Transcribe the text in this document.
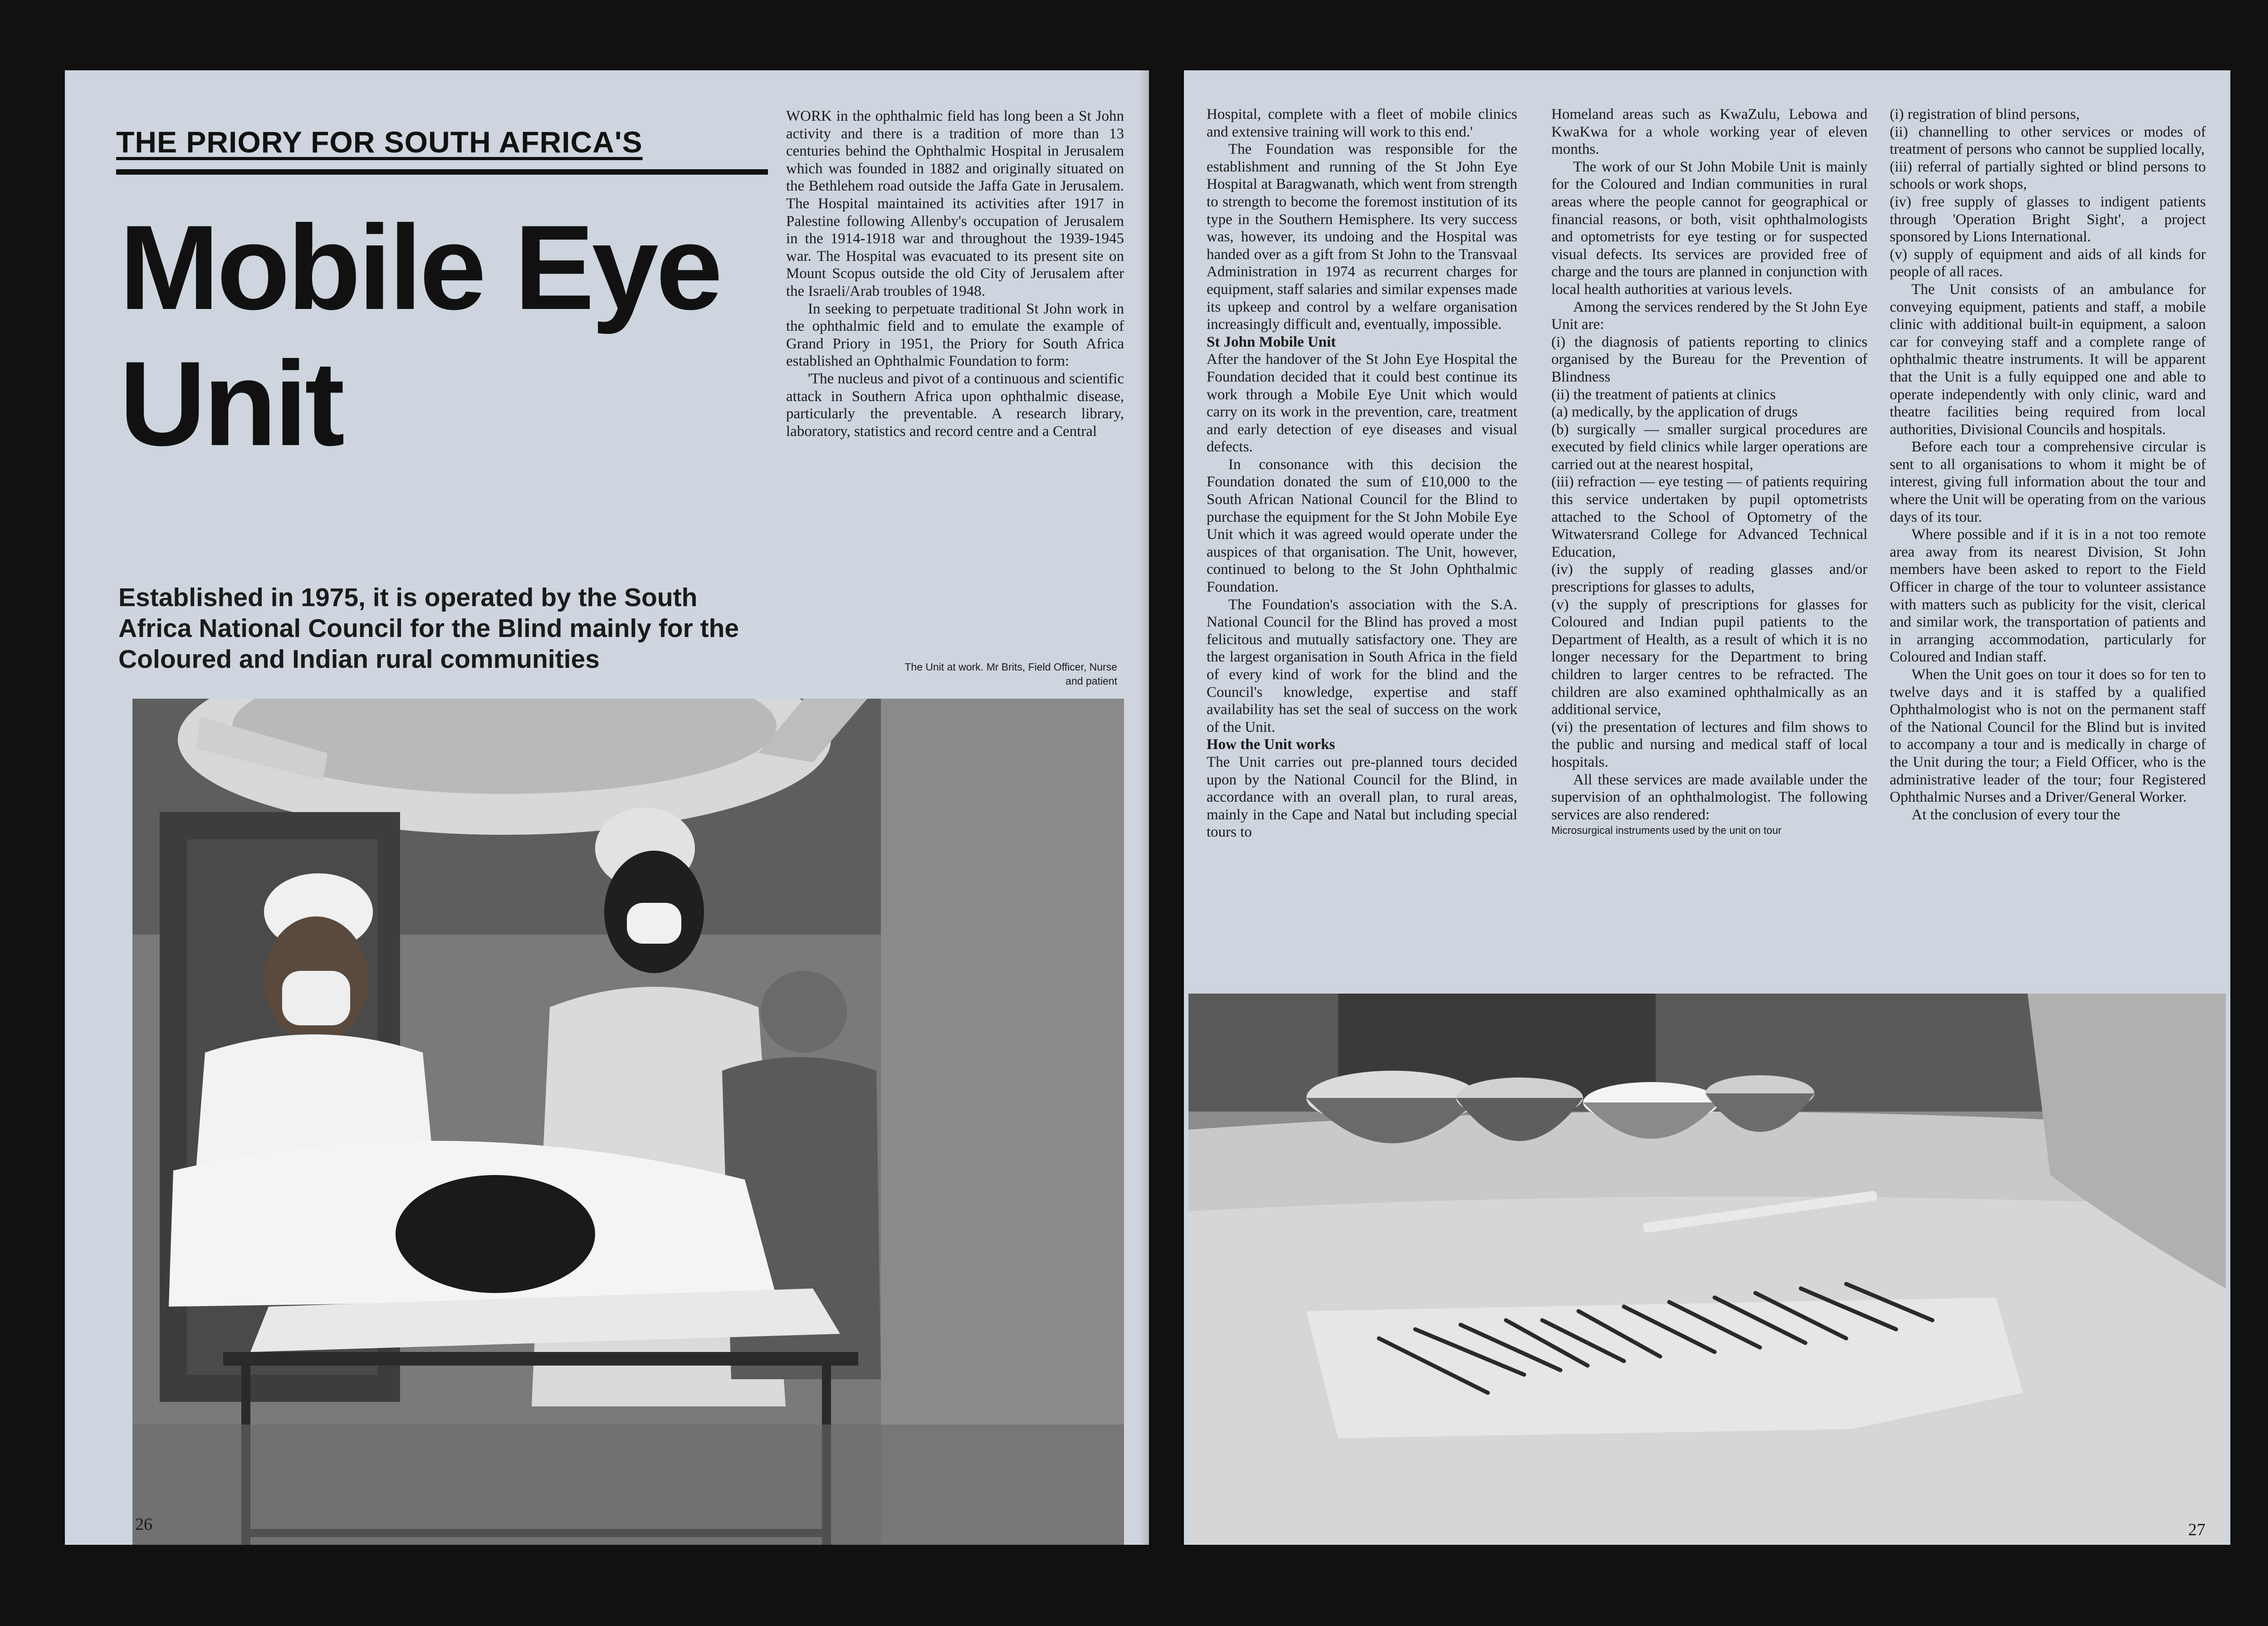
THE PRIORY FOR SOUTH AFRICA'S
Mobile Eye
Unit
Established in 1975, it is operated by the South Africa National Council for the Blind mainly for the Coloured and Indian rural communities

WORK in the ophthalmic field has long been a St John activity and there is a tradition of more than 13 centuries behind the Ophthalmic Hospital in Jerusalem which was founded in 1882 and originally situated on the Bethlehem road outside the Jaffa Gate in Jerusalem. The Hospital maintained its activities after 1917 in Palestine following Allenby's occupation of Jerusalem in the 1914-1918 war and throughout the 1939-1945 war. The Hospital was evacuated to its present site on Mount Scopus outside the old City of Jerusalem after the Israeli/Arab troubles of 1948.

In seeking to perpetuate traditional St John work in the ophthalmic field and to emulate the example of Grand Priory in 1951, the Priory for South Africa established an Ophthalmic Foundation to form:

'The nucleus and pivot of a continuous and scientific attack in Southern Africa upon ophthalmic disease, particularly the preventable. A research library, laboratory, statistics and record centre and a Central

The Unit at work. Mr Brits, Field Officer, Nurse and patient
26

Hospital, complete with a fleet of mobile clinics and extensive training will work to this end.'

The Foundation was responsible for the establishment and running of the St John Eye Hospital at Baragwanath, which went from strength to strength to become the foremost institution of its type in the Southern Hemisphere. Its very success was, however, its undoing and the Hospital was handed over as a gift from St John to the Transvaal Administration in 1974 as recurrent charges for equipment, staff salaries and similar expenses made its upkeep and control by a welfare organisation increasingly difficult and, eventually, impossible.

St John Mobile Unit

After the handover of the St John Eye Hospital the Foundation decided that it could best continue its work through a Mobile Eye Unit which would carry on its work in the prevention, care, treatment and early detection of eye diseases and visual defects.

In consonance with this decision the Foundation donated the sum of £10,000 to the South African National Council for the Blind to purchase the equipment for the St John Mobile Eye Unit which it was agreed would operate under the auspices of that organisation. The Unit, however, continued to belong to the St John Ophthalmic Foundation.

The Foundation's association with the S.A. National Council for the Blind has proved a most felicitous and mutually satisfactory one. They are the largest organisation in South Africa in the field of every kind of work for the blind and the Council's knowledge, expertise and staff availability has set the seal of success on the work of the Unit.

How the Unit works

The Unit carries out pre-planned tours decided upon by the National Council for the Blind, in accordance with an overall plan, to rural areas, mainly in the Cape and Natal but including special tours to

Homeland areas such as KwaZulu, Lebowa and KwaKwa for a whole working year of eleven months.

The work of our St John Mobile Unit is mainly for the Coloured and Indian communities in rural areas where the people cannot for geographical or financial reasons, or both, visit ophthalmologists and optometrists for eye testing or for suspected visual defects. Its services are provided free of charge and the tours are planned in conjunction with local health authorities at various levels.

Among the services rendered by the St John Eye Unit are:

(i) the diagnosis of patients reporting to clinics organised by the Bureau for the Prevention of Blindness

(ii) the treatment of patients at clinics

(a) medically, by the application of drugs

(b) surgically — smaller surgical procedures are executed by field clinics while larger operations are carried out at the nearest hospital,

(iii) refraction — eye testing — of patients requiring this service undertaken by pupil optometrists attached to the School of Optometry of the Witwatersrand College for Advanced Technical Education,

(iv) the supply of reading glasses and/or prescriptions for glasses to adults,

(v) the supply of prescriptions for glasses for Coloured and Indian pupil patients to the Department of Health, as a result of which it is no longer necessary for the Department to bring children to larger centres to be refracted. The children are also examined ophthalmically as an additional service,

(vi) the presentation of lectures and film shows to the public and nursing and medical staff of local hospitals.

All these services are made available under the supervision of an ophthalmologist. The following services are also rendered:

Microsurgical instruments used by the unit on tour

(i) registration of blind persons,

(ii) channelling to other services or modes of treatment of persons who cannot be supplied locally,

(iii) referral of partially sighted or blind persons to schools or work shops,

(iv) free supply of glasses to indigent patients through 'Operation Bright Sight', a project sponsored by Lions International.

(v) supply of equipment and aids of all kinds for people of all races.

The Unit consists of an ambulance for conveying equipment, patients and staff, a mobile clinic with additional built-in equipment, a saloon car for conveying staff and a complete range of ophthalmic theatre instruments. It will be apparent that the Unit is a fully equipped one and able to operate independently with only clinic, ward and theatre facilities being required from local authorities, Divisional Councils and hospitals.

Before each tour a comprehensive circular is sent to all organisations to whom it might be of interest, giving full information about the tour and where the Unit will be operating from on the various days of its tour.

Where possible and if it is in a not too remote area away from its nearest Division, St John members have been asked to report to the Field Officer in charge of the tour to volunteer assistance with matters such as publicity for the visit, clerical and similar work, the transportation of patients and in arranging accommodation, particularly for Coloured and Indian staff.

When the Unit goes on tour it does so for ten to twelve days and it is staffed by a qualified Ophthalmologist who is not on the permanent staff of the National Council for the Blind but is invited to accompany a tour and is medically in charge of the Unit during the tour; a Field Officer, who is the administrative leader of the tour; four Registered Ophthalmic Nurses and a Driver/General Worker.

At the conclusion of every tour the

27
